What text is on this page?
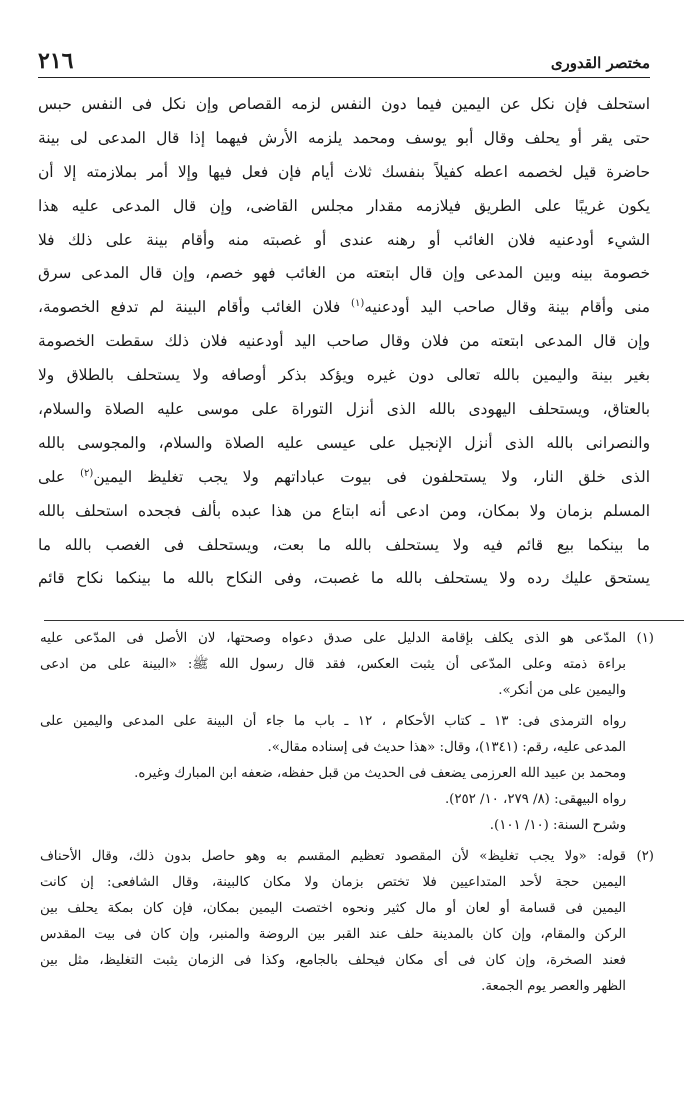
٢١٦	مختصر القدورى
استحلف فإن نكل عن اليمين فيما دون النفس لزمه القصاص وإن نكل فى النفس حبس
حتى يقر أو يحلف وقال أبو يوسف ومحمد يلزمه الأرش فيهما إذا قال المدعى لى بينة
حاضرة قيل لخصمه اعطه كفيلاً بنفسك ثلاث أيام فإن فعل فيها وإلا أمر بملازمته إلا أن
يكون غريبًا على الطريق فيلازمه مقدار مجلس القاضى، وإن قال المدعى عليه هذا
الشيء أودعنيه فلان الغائب أو رهنه عندى أو غصبته منه وأقام بينة على ذلك فلا
خصومة بينه وبين المدعى وإن قال ابتعته من الغائب فهو خصم، وإن قال المدعى سرق
منى وأقام بينة وقال صاحب اليد أودعنيه$^{(١)}$ فلان الغائب وأقام البينة لم تدفع الخصومة،
وإن قال المدعى ابتعته من فلان وقال صاحب اليد أودعنيه فلان ذلك سقطت الخصومة
بغير بينة واليمين بالله تعالى دون غيره ويؤكد بذكر أوصافه ولا يستحلف بالطلاق ولا
بالعتاق، ويستحلف اليهودى بالله الذى أنزل التوراة على موسى عليه الصلاة والسلام،
والنصرانى بالله الذى أنزل الإنجيل على عيسى عليه الصلاة والسلام، والمجوسى بالله
الذى خلق النار، ولا يستحلفون فى بيوت عباداتهم ولا يجب تغليظ اليمين$^{(٢)}$ على
المسلم بزمان ولا بمكان، ومن ادعى أنه ابتاع من هذا عبده بألف فجحده استحلف بالله
ما بينكما بيع قائم فيه ولا يستحلف بالله ما بعت، ويستحلف فى الغصب بالله ما
يستحق عليك رده ولا يستحلف بالله ما غصبت، وفى النكاح بالله ما بينكما نكاح قائم
(١)المدّعى هو الذى يكلف بإقامة الدليل على صدق دعواه وصحتها، لان الأصل فى المدّعى عليه
براءة ذمته وعلى المدّعى أن يثبت العكس، فقد قال رسول الله ﷺ: «البينة على من ادعى
واليمين على من أنكر».
رواه الترمذى فى: ١٣ ـ كتاب الأحكام ، ١٢ ـ باب ما جاء أن البينة على المدعى واليمين على
المدعى عليه، رقم: (١٣٤١)، وقال: «هذا حديث فى إسناده مقال».
ومحمد بن عبيد الله العرزمى يضعف فى الحديث من قبل حفظه، ضعفه ابن المبارك وغيره.
رواه البيهقى: (٨/ ٢٧٩، ١٠/ ٢٥٢).
وشرح السنة: (١٠/ ١٠١).
(٢)قوله: «ولا يجب تغليظ» لأن المقصود تعظيم المقسم به وهو حاصل بدون ذلك، وقال الأحناف
اليمين حجة لأحد المتداعيين فلا تختص بزمان ولا مكان كالبينة، وقال الشافعى: إن كانت
اليمين فى قسامة أو لعان أو مال كثير ونحوه اختصت اليمين بمكان، فإن كان بمكة يحلف بين
الركن والمقام، وإن كان بالمدينة حلف عند القبر بين الروضة والمنبر، وإن كان فى بيت المقدس
فعند الصخرة، وإن كان فى أى مكان فيحلف بالجامع، وكذا فى الزمان يثبت التغليظ، مثل بين
الظهر والعصر يوم الجمعة.
